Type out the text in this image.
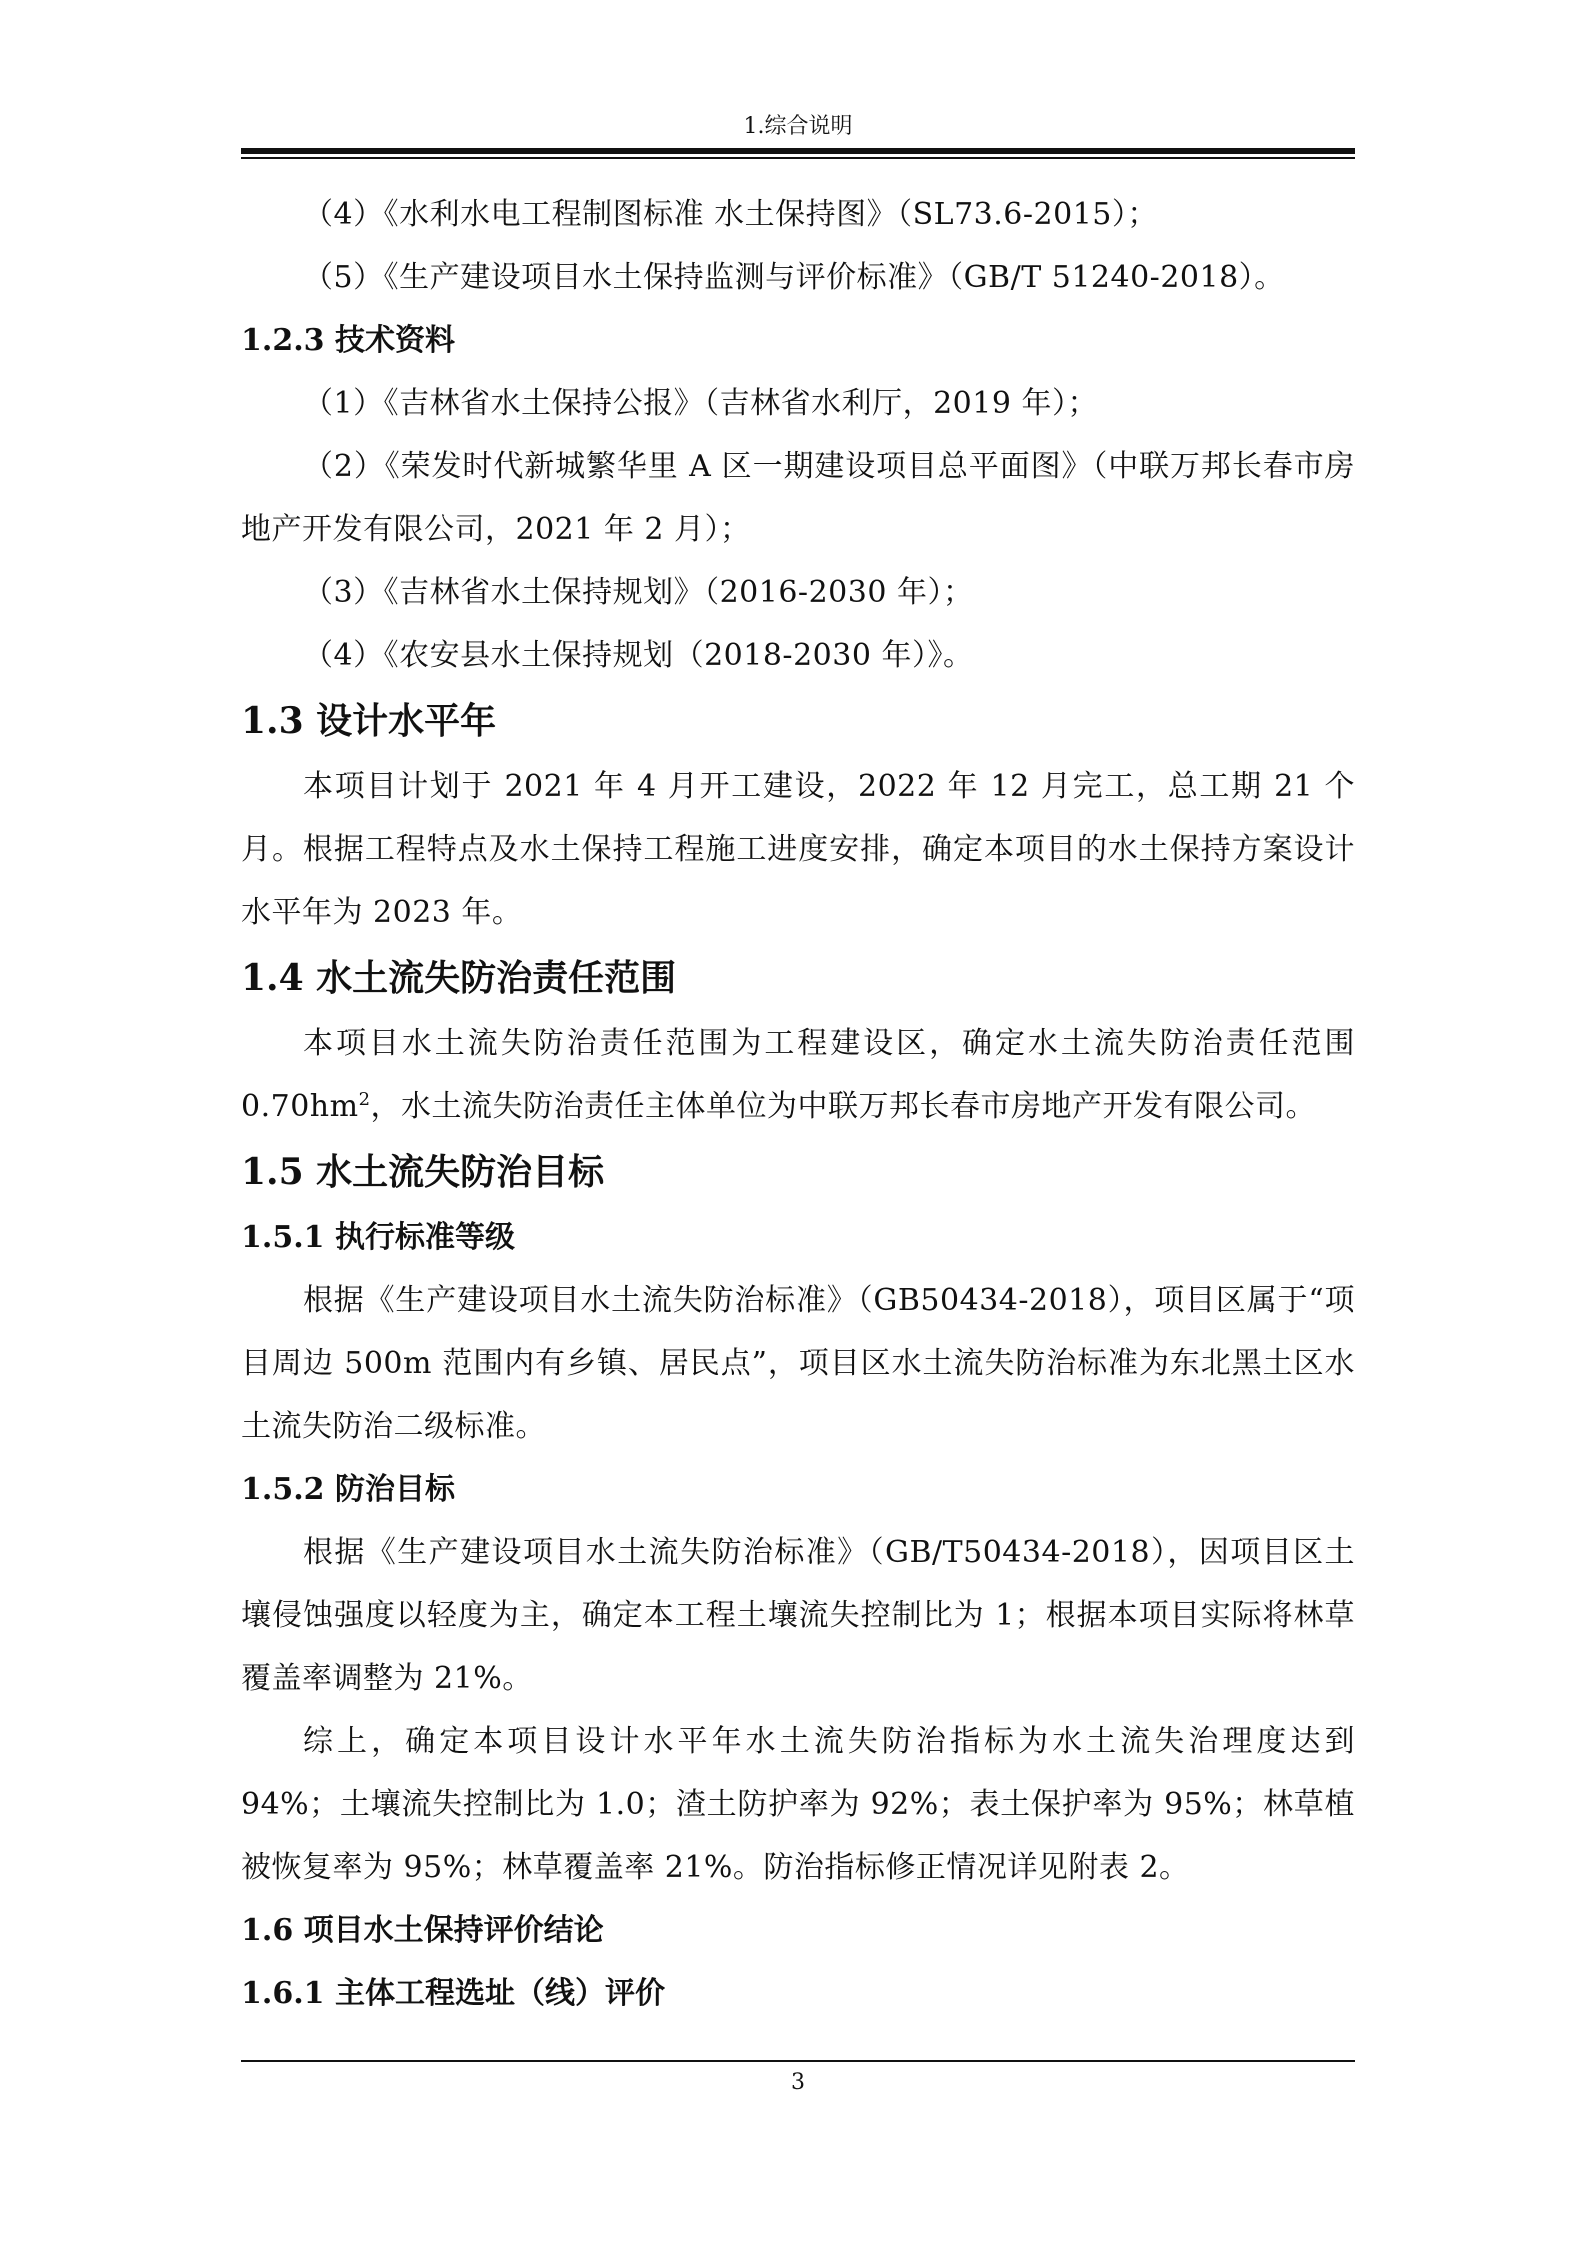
1.综合说明

（4）《水利水电工程制图标准 水土保持图》（SL73.6-2015）；

（5）《生产建设项目水土保持监测与评价标准》（GB/T 51240-2018）。

1.2.3 技术资料

（1）《吉林省水土保持公报》（吉林省水利厅，2019 年）；

（2）《荣发时代新城繁华里 A 区一期建设项目总平面图》（中联万邦长春市房地产开发有限公司，2021 年 2 月）；

（3）《吉林省水土保持规划》（2016-2030 年）；

（4）《农安县水土保持规划（2018-2030 年）》。

1.3 设计水平年

本项目计划于 2021 年 4 月开工建设，2022 年 12 月完工，总工期 21 个月。根据工程特点及水土保持工程施工进度安排，确定本项目的水土保持方案设计水平年为 2023 年。

1.4 水土流失防治责任范围

本项目水土流失防治责任范围为工程建设区，确定水土流失防治责任范围 $0.70hm^2$，水土流失防治责任主体单位为中联万邦长春市房地产开发有限公司。

1.5 水土流失防治目标

1.5.1 执行标准等级

根据《生产建设项目水土流失防治标准》（GB50434-2018），项目区属于“项目周边 500m 范围内有乡镇、居民点”，项目区水土流失防治标准为东北黑土区水土流失防治二级标准。

1.5.2 防治目标

根据《生产建设项目水土流失防治标准》（GB/T50434-2018），因项目区土壤侵蚀强度以轻度为主，确定本工程土壤流失控制比为 1；根据本项目实际将林草覆盖率调整为 21%。

综上，确定本项目设计水平年水土流失防治指标为水土流失治理度达到 94%；土壤流失控制比为 1.0；渣土防护率为 92%；表土保护率为 95%；林草植被恢复率为 95%；林草覆盖率 21%。防治指标修正情况详见附表 2。

1.6 项目水土保持评价结论

1.6.1 主体工程选址（线）评价

3
